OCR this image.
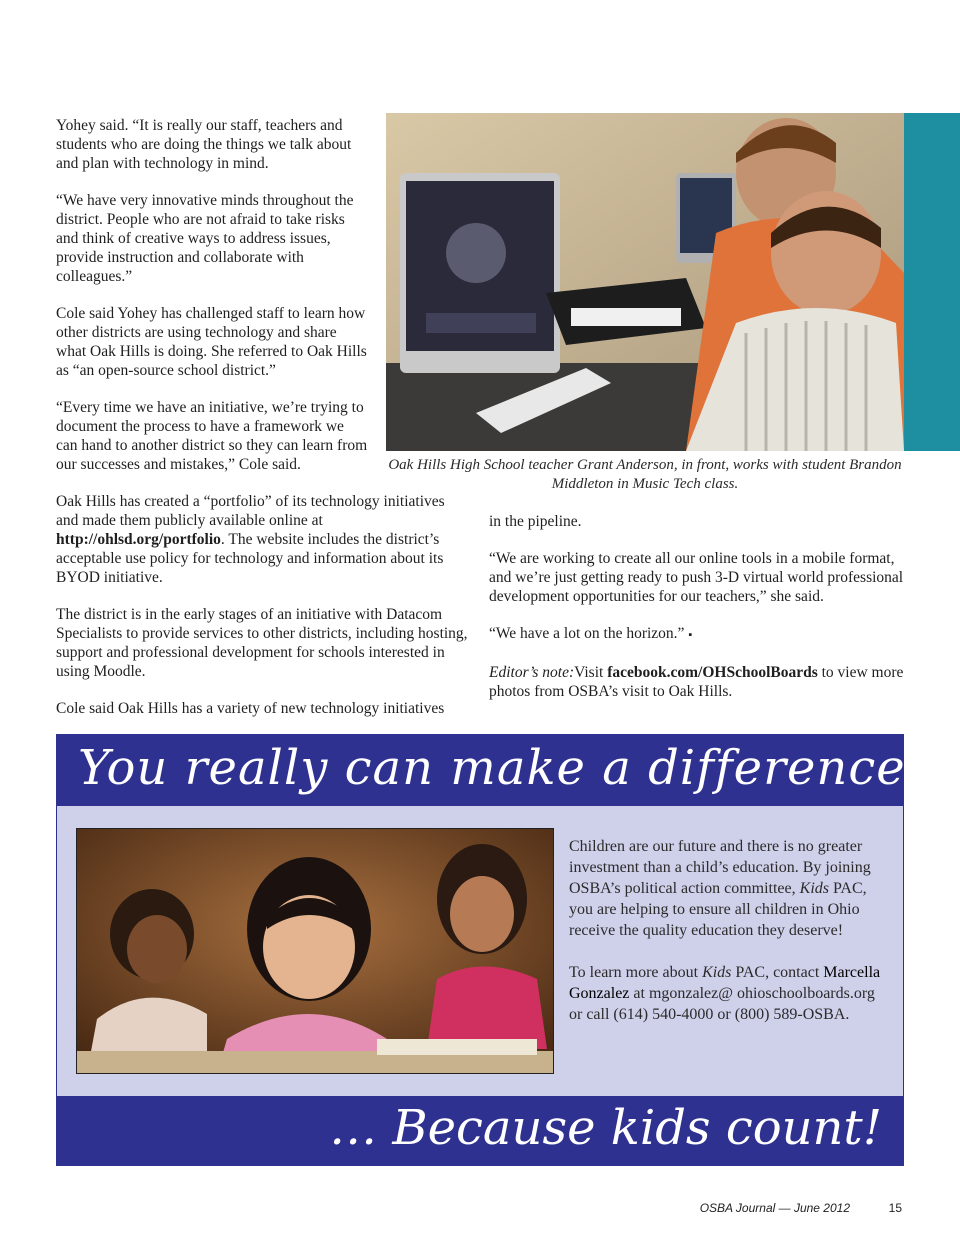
Yohey said. “It is really our staff, teachers and students who are doing the things we talk about and plan with technology in mind.

“We have very innovative minds throughout the district. People who are not afraid to take risks and think of creative ways to address issues, provide instruction and collaborate with colleagues.”

Cole said Yohey has challenged staff to learn how other districts are using technology and share what Oak Hills is doing. She referred to Oak Hills as “an open-source school district.”

“Every time we have an initiative, we’re trying to document the process to have a framework we can hand to another district so they can learn from our successes and mistakes,” Cole said.

Oak Hills has created a “portfolio” of its technology initiatives and made them publicly available online at http://ohlsd.org/portfolio. The website includes the district’s acceptable use policy for technology and information about its BYOD initiative.

The district is in the early stages of an initiative with Datacom Specialists to provide services to other districts, including hosting, support and professional development for schools interested in using Moodle.

Cole said Oak Hills has a variety of new technology initiatives

Oak Hills High School teacher Grant Anderson, in front, works with student Brandon Middleton in Music Tech class.

in the pipeline.

“We are working to create all our online tools in a mobile format, and we’re just getting ready to push 3-D virtual world professional development opportunities for our teachers,” she said.

“We have a lot on the horizon.” ▪

Editor’s note:Visit facebook.com/OHSchoolBoards to view more photos from OSBA’s visit to Oak Hills.

You really can make a difference!

Children are our future and there is no greater investment than a child’s education. By joining OSBA’s political action committee, Kids PAC, you are helping to ensure all children in Ohio receive the quality education they deserve!

To learn more about Kids PAC, contact Marcella Gonzalez at mgonzalez@ ohioschoolboards.org or call (614) 540-4000 or (800) 589-OSBA.

… Because kids count!
OSBA Journal — June 2012	15
